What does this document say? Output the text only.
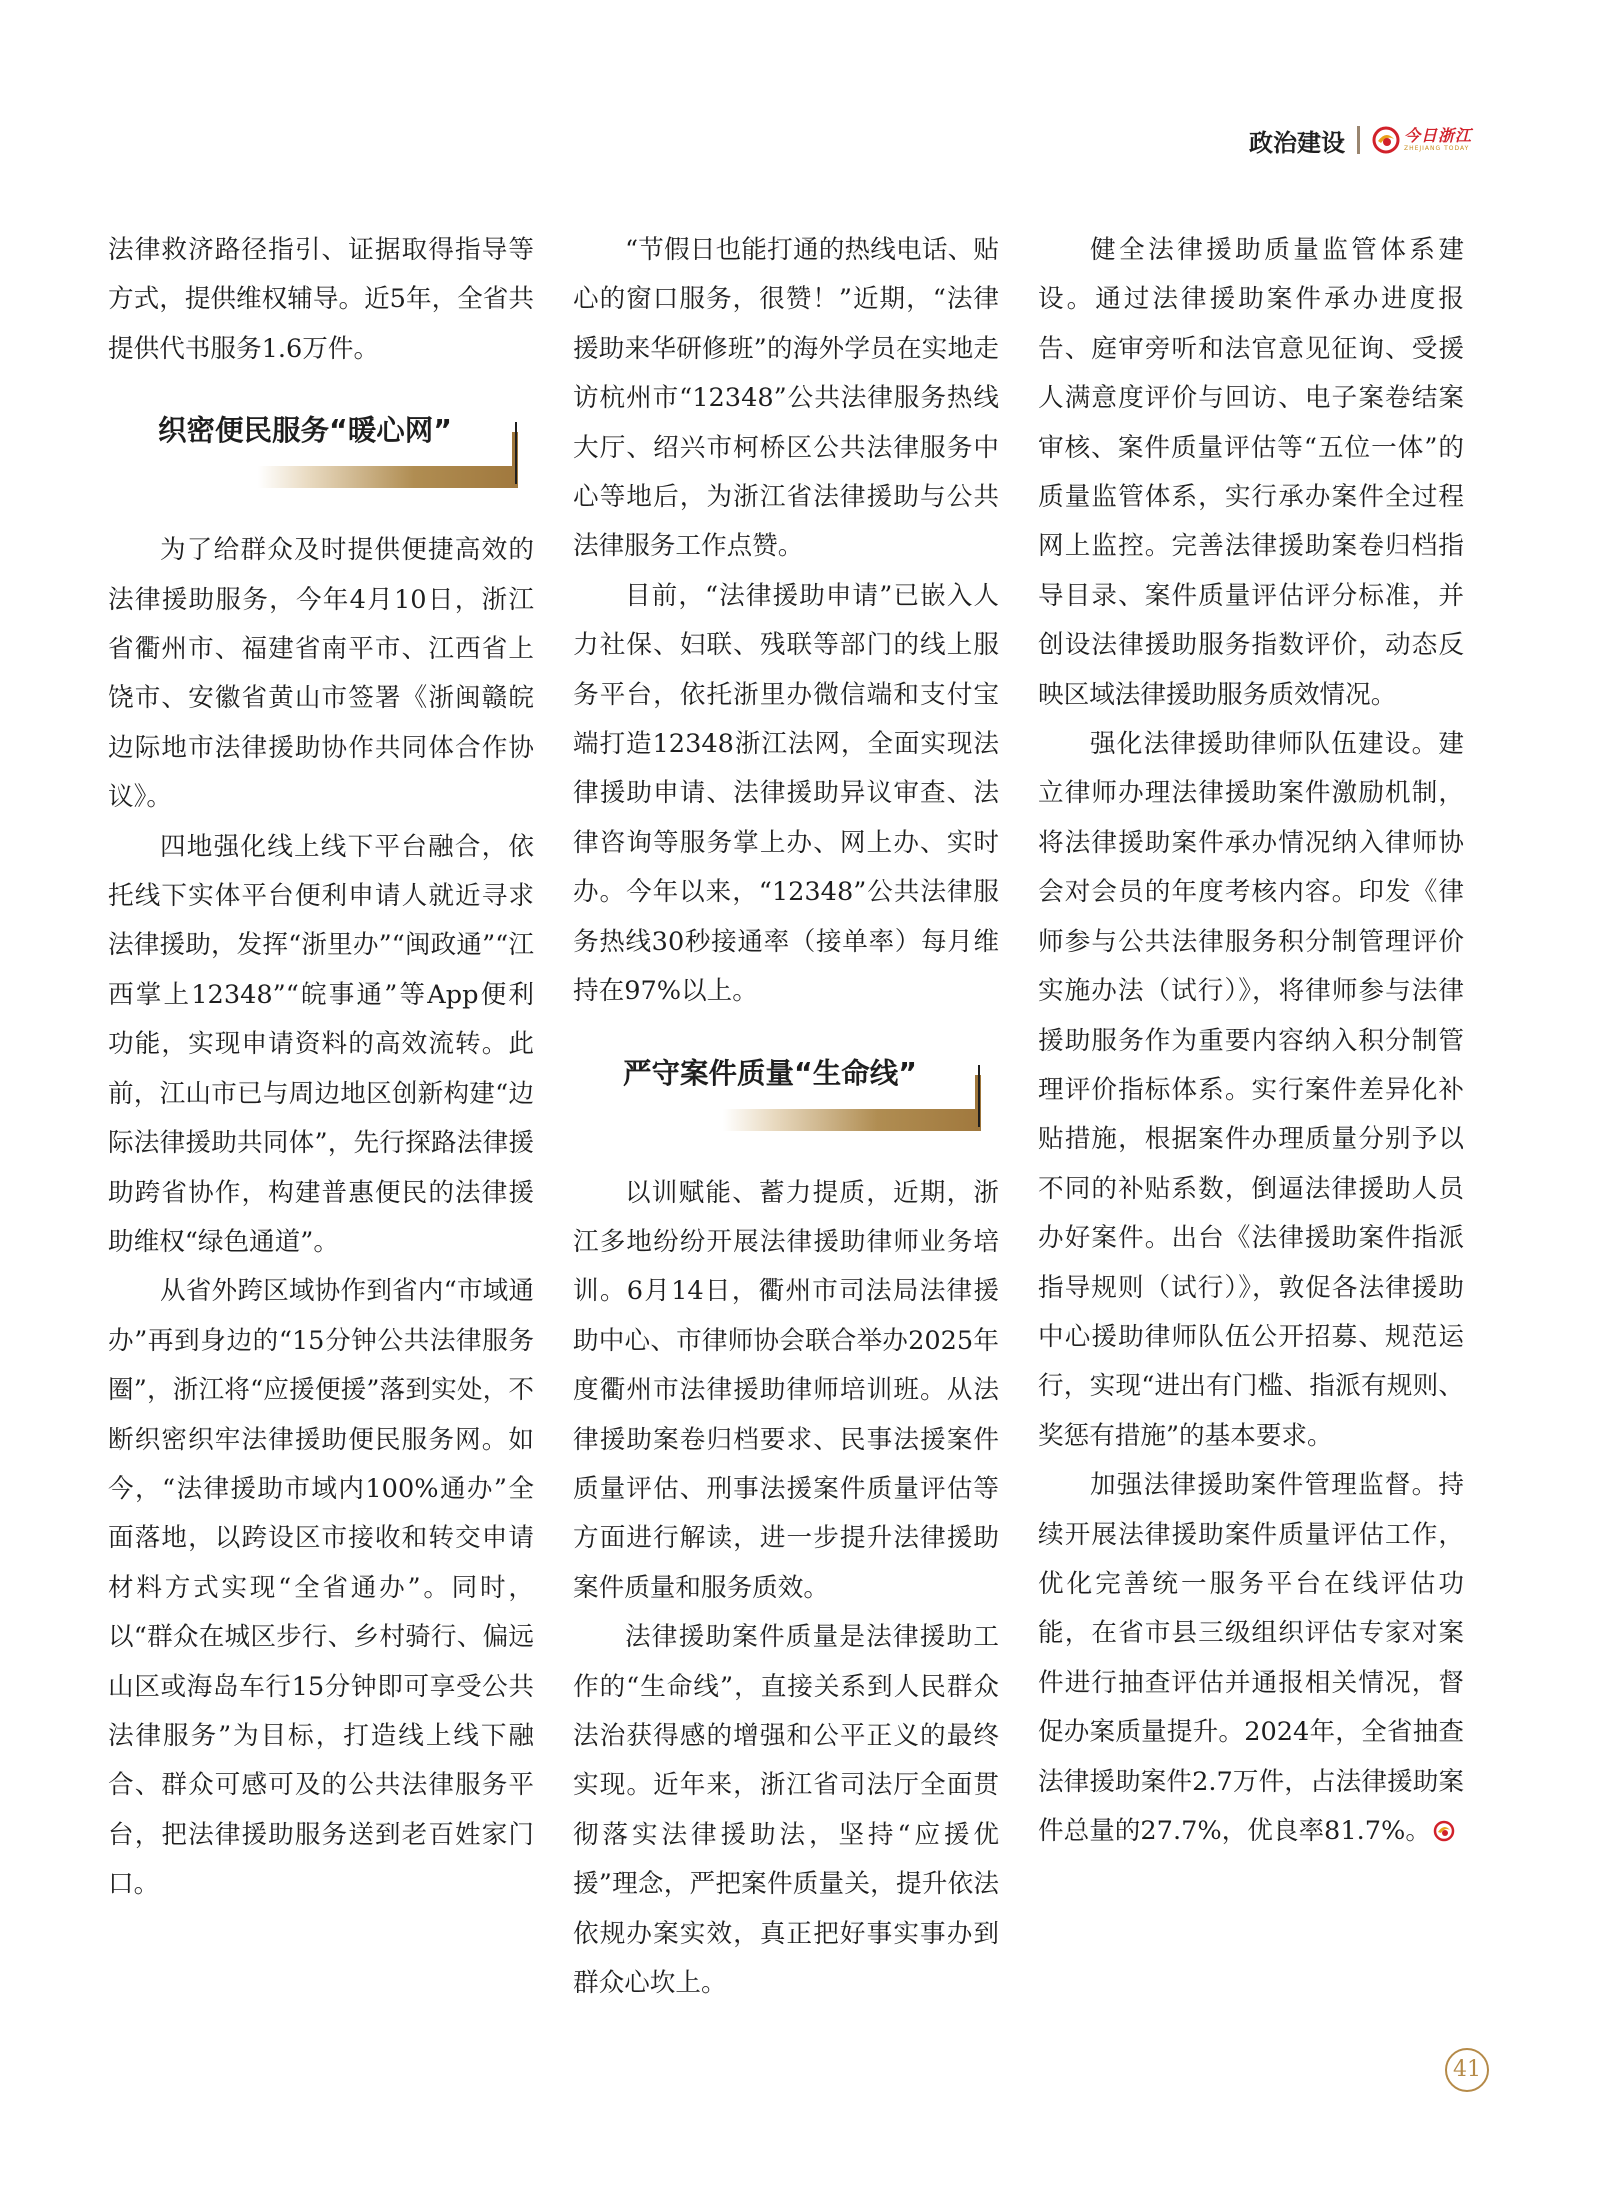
政治建设	今日浙江
ZHEJIANG TODAY

法律救济路径指引、证据取得指导等方式，提供维权辅导。近5年，全省共提供代书服务1.6万件。

织密便民服务“暖心网”

为了给群众及时提供便捷高效的法律援助服务，今年4月10日，浙江省衢州市、福建省南平市、江西省上饶市、安徽省黄山市签署《浙闽赣皖边际地市法律援助协作共同体合作协议》。

四地强化线上线下平台融合，依托线下实体平台便利申请人就近寻求法律援助，发挥“浙里办”“闽政通”“江西掌上12348”“皖事通”等App便利功能，实现申请资料的高效流转。此前，江山市已与周边地区创新构建“边际法律援助共同体”，先行探路法律援助跨省协作，构建普惠便民的法律援助维权“绿色通道”。

从省外跨区域协作到省内“市域通办”再到身边的“15分钟公共法律服务圈”，浙江将“应援便援”落到实处，不断织密织牢法律援助便民服务网。如今，“法律援助市域内100%通办”全面落地，以跨设区市接收和转交申请材料方式实现“全省通办”。同时，以“群众在城区步行、乡村骑行、偏远山区或海岛车行15分钟即可享受公共法律服务”为目标，打造线上线下融合、群众可感可及的公共法律服务平台，把法律援助服务送到老百姓家门口。

“节假日也能打通的热线电话、贴心的窗口服务，很赞！”近期，“法律援助来华研修班”的海外学员在实地走访杭州市“12348”公共法律服务热线大厅、绍兴市柯桥区公共法律服务中心等地后，为浙江省法律援助与公共法律服务工作点赞。

目前，“法律援助申请”已嵌入人力社保、妇联、残联等部门的线上服务平台，依托浙里办微信端和支付宝端打造12348浙江法网，全面实现法律援助申请、法律援助异议审查、法律咨询等服务掌上办、网上办、实时办。今年以来，“12348”公共法律服务热线30秒接通率（接单率）每月维持在97%以上。

严守案件质量“生命线”

以训赋能、蓄力提质，近期，浙江多地纷纷开展法律援助律师业务培训。6月14日，衢州市司法局法律援助中心、市律师协会联合举办2025年度衢州市法律援助律师培训班。从法律援助案卷归档要求、民事法援案件质量评估、刑事法援案件质量评估等方面进行解读，进一步提升法律援助案件质量和服务质效。

法律援助案件质量是法律援助工作的“生命线”，直接关系到人民群众法治获得感的增强和公平正义的最终实现。近年来，浙江省司法厅全面贯彻落实法律援助法，坚持“应援优援”理念，严把案件质量关，提升依法依规办案实效，真正把好事实事办到群众心坎上。

健全法律援助质量监管体系建设。通过法律援助案件承办进度报告、庭审旁听和法官意见征询、受援人满意度评价与回访、电子案卷结案审核、案件质量评估等“五位一体”的质量监管体系，实行承办案件全过程网上监控。完善法律援助案卷归档指导目录、案件质量评估评分标准，并创设法律援助服务指数评价，动态反映区域法律援助服务质效情况。

强化法律援助律师队伍建设。建立律师办理法律援助案件激励机制，将法律援助案件承办情况纳入律师协会对会员的年度考核内容。印发《律师参与公共法律服务积分制管理评价实施办法（试行）》，将律师参与法律援助服务作为重要内容纳入积分制管理评价指标体系。实行案件差异化补贴措施，根据案件办理质量分别予以不同的补贴系数，倒逼法律援助人员办好案件。出台《法律援助案件指派指导规则（试行）》，敦促各法律援助中心援助律师队伍公开招募、规范运行，实现“进出有门槛、指派有规则、奖惩有措施”的基本要求。

加强法律援助案件管理监督。持续开展法律援助案件质量评估工作，优化完善统一服务平台在线评估功能，在省市县三级组织评估专家对案件进行抽查评估并通报相关情况，督促办案质量提升。2024年，全省抽查法律援助案件2.7万件，占法律援助案件总量的27.7%，优良率81.7%。

41
